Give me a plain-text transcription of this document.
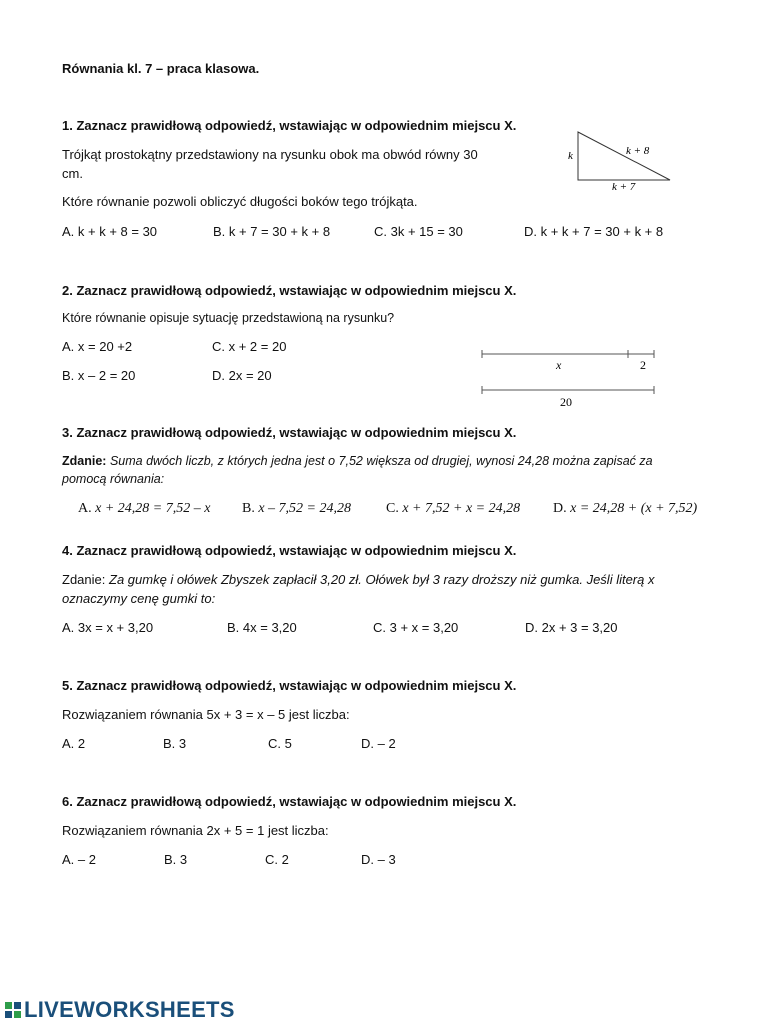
Równania kl. 7 – praca klasowa.
1. Zaznacz prawidłową odpowiedź, wstawiając w odpowiednim miejscu X.
Trójkąt prostokątny przedstawiony na rysunku obok ma obwód równy 30
cm.
Które równanie pozwoli obliczyć długości boków tego trójkąta.
A. k + k + 8 = 30	B. k + 7 = 30 + k + 8	C. 3k + 15 = 30	D. k + k + 7 = 30 + k + 8
k	k + 8
k + 7
2. Zaznacz prawidłową odpowiedź, wstawiając w odpowiednim miejscu X.
Które równanie opisuje sytuację przedstawioną na rysunku?
A. x = 20 +2	C. x + 2 = 20
B. x – 2 = 20	D. 2x = 20
x	2
20
3. Zaznacz prawidłową odpowiedź, wstawiając w odpowiednim miejscu X.
Zdanie: Suma dwóch liczb, z których jedna jest o 7,52 większa od drugiej, wynosi 24,28 można zapisać za
pomocą równania:
A. x + 24,28 = 7,52 – x B. x – 7,52 = 24,28 C. x + 7,52 + x = 24,28 D. x = 24,28 + (x + 7,52)
4. Zaznacz prawidłową odpowiedź, wstawiając w odpowiednim miejscu X.
Zdanie: Za gumkę i ołówek Zbyszek zapłacił 3,20 zł. Ołówek był 3 razy droższy niż gumka. Jeśli literą x
oznaczymy cenę gumki to:
A. 3x = x + 3,20	B. 4x = 3,20	C. 3 + x = 3,20	D. 2x + 3 = 3,20
5. Zaznacz prawidłową odpowiedź, wstawiając w odpowiednim miejscu X.
Rozwiązaniem równania 5x + 3 = x – 5 jest liczba:
A. 2	B. 3	C. 5	D. – 2
6. Zaznacz prawidłową odpowiedź, wstawiając w odpowiednim miejscu X.
Rozwiązaniem równania 2x + 5 = 1 jest liczba:
A. – 2	B. 3	C. 2	D. – 3
LIVEWORKSHEETS
